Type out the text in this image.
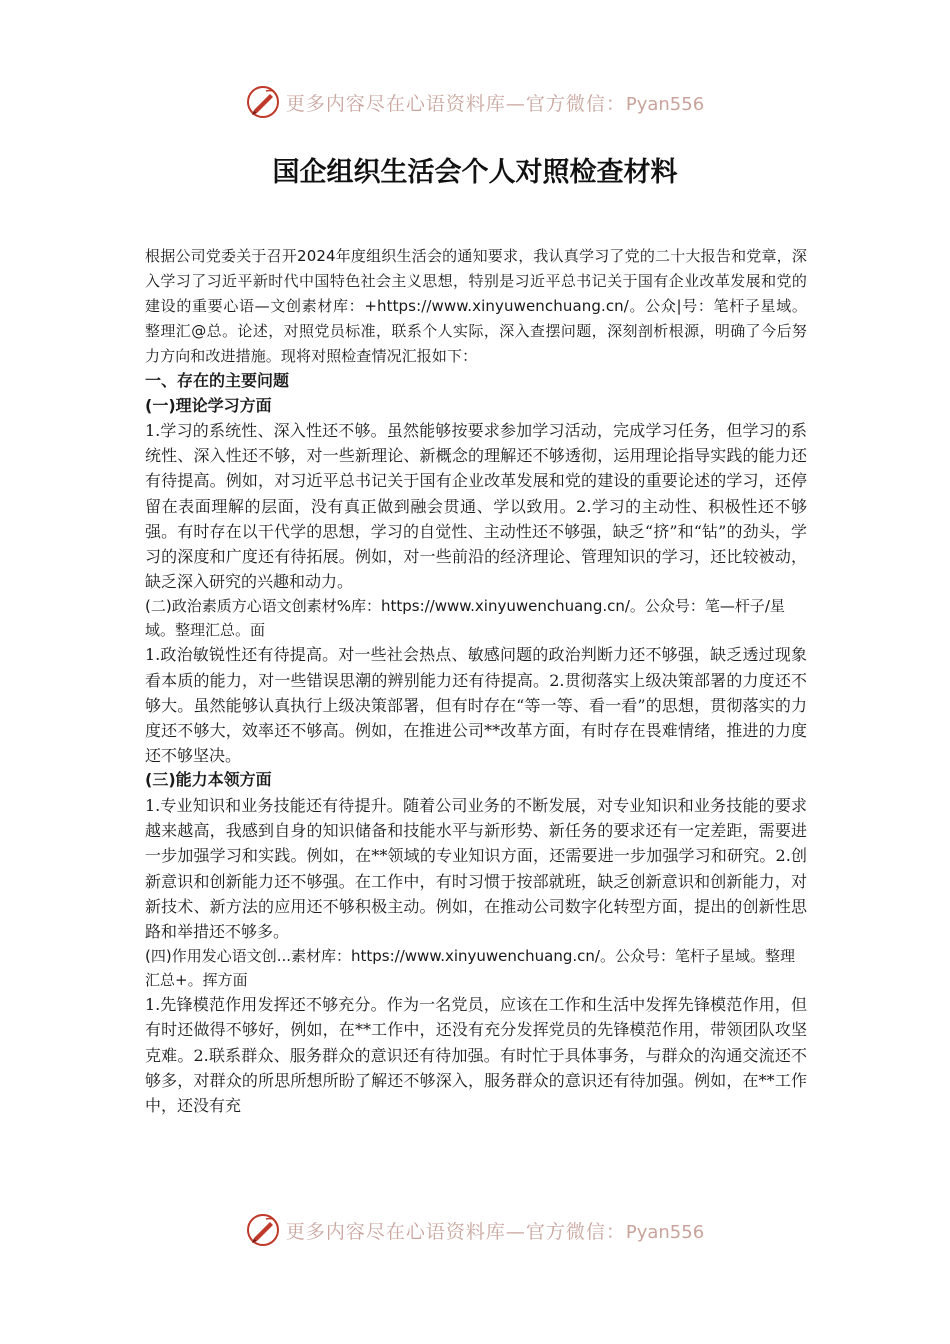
更多内容尽在心语资料库—官方微信：Pyan556
国企组织生活会个人对照检查材料

根据公司党委关于召开2024年度组织生活会的通知要求，我认真学习了党的二十大报告和党章，深入学习了习近平新时代中国特色社会主义思想，特别是习近平总书记关于国有企业改革发展和党的建设的重要心语—文创素材库：+https://www.xinyuwenchuang.cn/。公众|号：笔杆子星域。整理汇@总。论述，对照党员标准，联系个人实际，深入查摆问题，深刻剖析根源，明确了今后努力方向和改进措施。现将对照检查情况汇报如下：

一、存在的主要问题

(一)理论学习方面

1.学习的系统性、深入性还不够。虽然能够按要求参加学习活动，完成学习任务，但学习的系统性、深入性还不够，对一些新理论、新概念的理解还不够透彻，运用理论指导实践的能力还有待提高。例如，对习近平总书记关于国有企业改革发展和党的建设的重要论述的学习，还停留在表面理解的层面，没有真正做到融会贯通、学以致用。2.学习的主动性、积极性还不够强。有时存在以干代学的思想，学习的自觉性、主动性还不够强，缺乏“挤”和“钻”的劲头，学习的深度和广度还有待拓展。例如，对一些前沿的经济理论、管理知识的学习，还比较被动，缺乏深入研究的兴趣和动力。

(二)政治素质方心语文创素材%库：https://www.xinyuwenchuang.cn/。公众号：笔—杆子/星域。整理汇总。面

1.政治敏锐性还有待提高。对一些社会热点、敏感问题的政治判断力还不够强，缺乏透过现象看本质的能力，对一些错误思潮的辨别能力还有待提高。2.贯彻落实上级决策部署的力度还不够大。虽然能够认真执行上级决策部署，但有时存在“等一等、看一看”的思想，贯彻落实的力度还不够大，效率还不够高。例如，在推进公司**改革方面，有时存在畏难情绪，推进的力度还不够坚决。

(三)能力本领方面

1.专业知识和业务技能还有待提升。随着公司业务的不断发展，对专业知识和业务技能的要求越来越高，我感到自身的知识储备和技能水平与新形势、新任务的要求还有一定差距，需要进一步加强学习和实践。例如，在**领域的专业知识方面，还需要进一步加强学习和研究。2.创新意识和创新能力还不够强。在工作中，有时习惯于按部就班，缺乏创新意识和创新能力，对新技术、新方法的应用还不够积极主动。例如，在推动公司数字化转型方面，提出的创新性思路和举措还不够多。

(四)作用发心语文创...素材库：https://www.xinyuwenchuang.cn/。公众号：笔杆子星域。整理汇总+。挥方面

1.先锋模范作用发挥还不够充分。作为一名党员，应该在工作和生活中发挥先锋模范作用，但有时还做得不够好，例如，在**工作中，还没有充分发挥党员的先锋模范作用，带领团队攻坚克难。2.联系群众、服务群众的意识还有待加强。有时忙于具体事务，与群众的沟通交流还不够多，对群众的所思所想所盼了解还不够深入，服务群众的意识还有待加强。例如，在**工作中，还没有充

更多内容尽在心语资料库—官方微信：Pyan556
